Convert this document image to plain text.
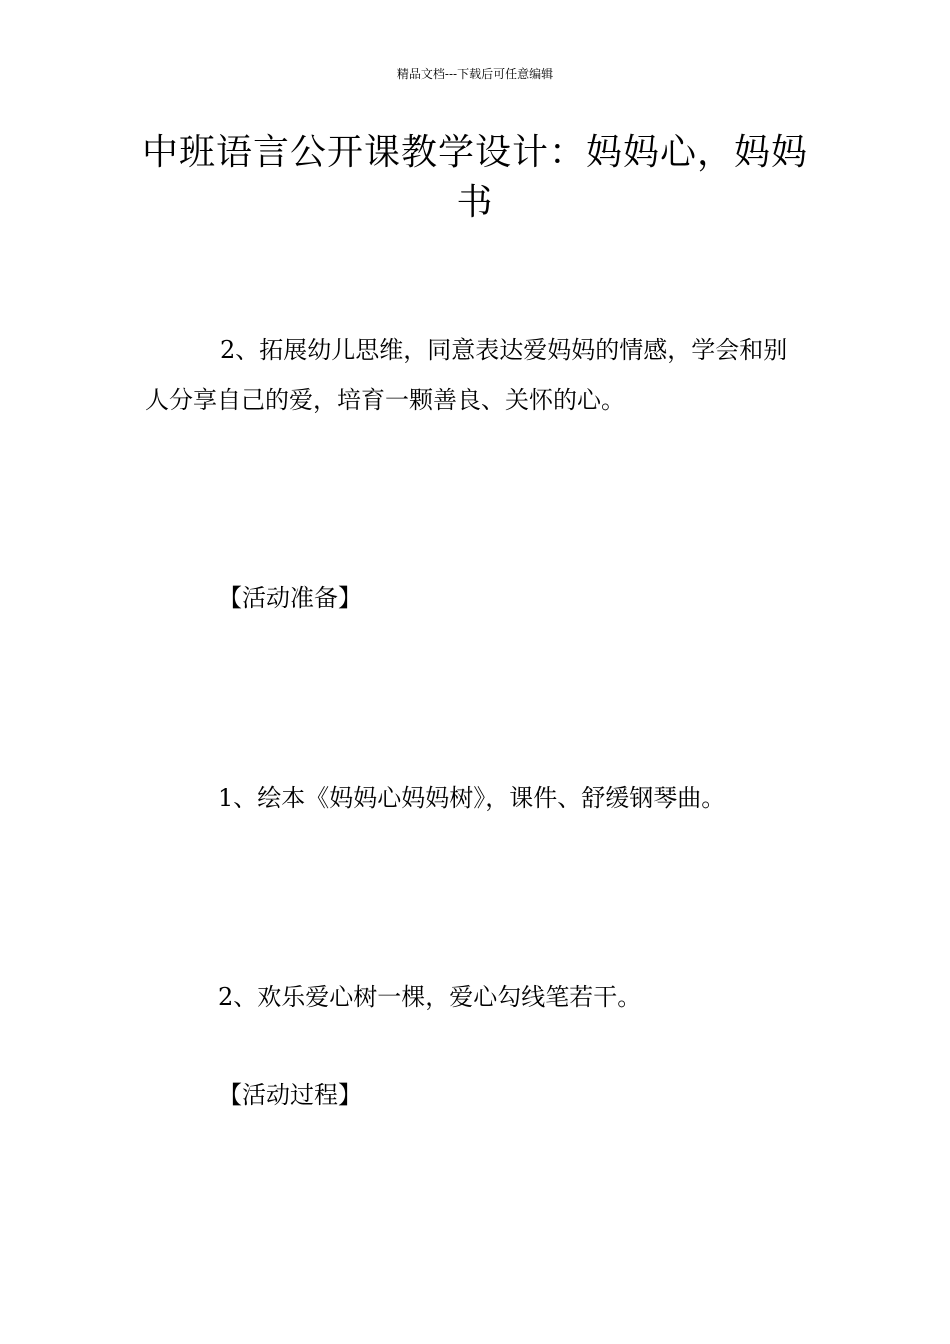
精品文档---下载后可任意编辑
中班语言公开课教学设计：妈妈心，妈妈书

2、拓展幼儿思维，同意表达爱妈妈的情感，学会和别人分享自己的爱，培育一颗善良、关怀的心。

【活动准备】

1、绘本《妈妈心妈妈树》，课件、舒缓钢琴曲。

2、欢乐爱心树一棵，爱心勾线笔若干。

【活动过程】
